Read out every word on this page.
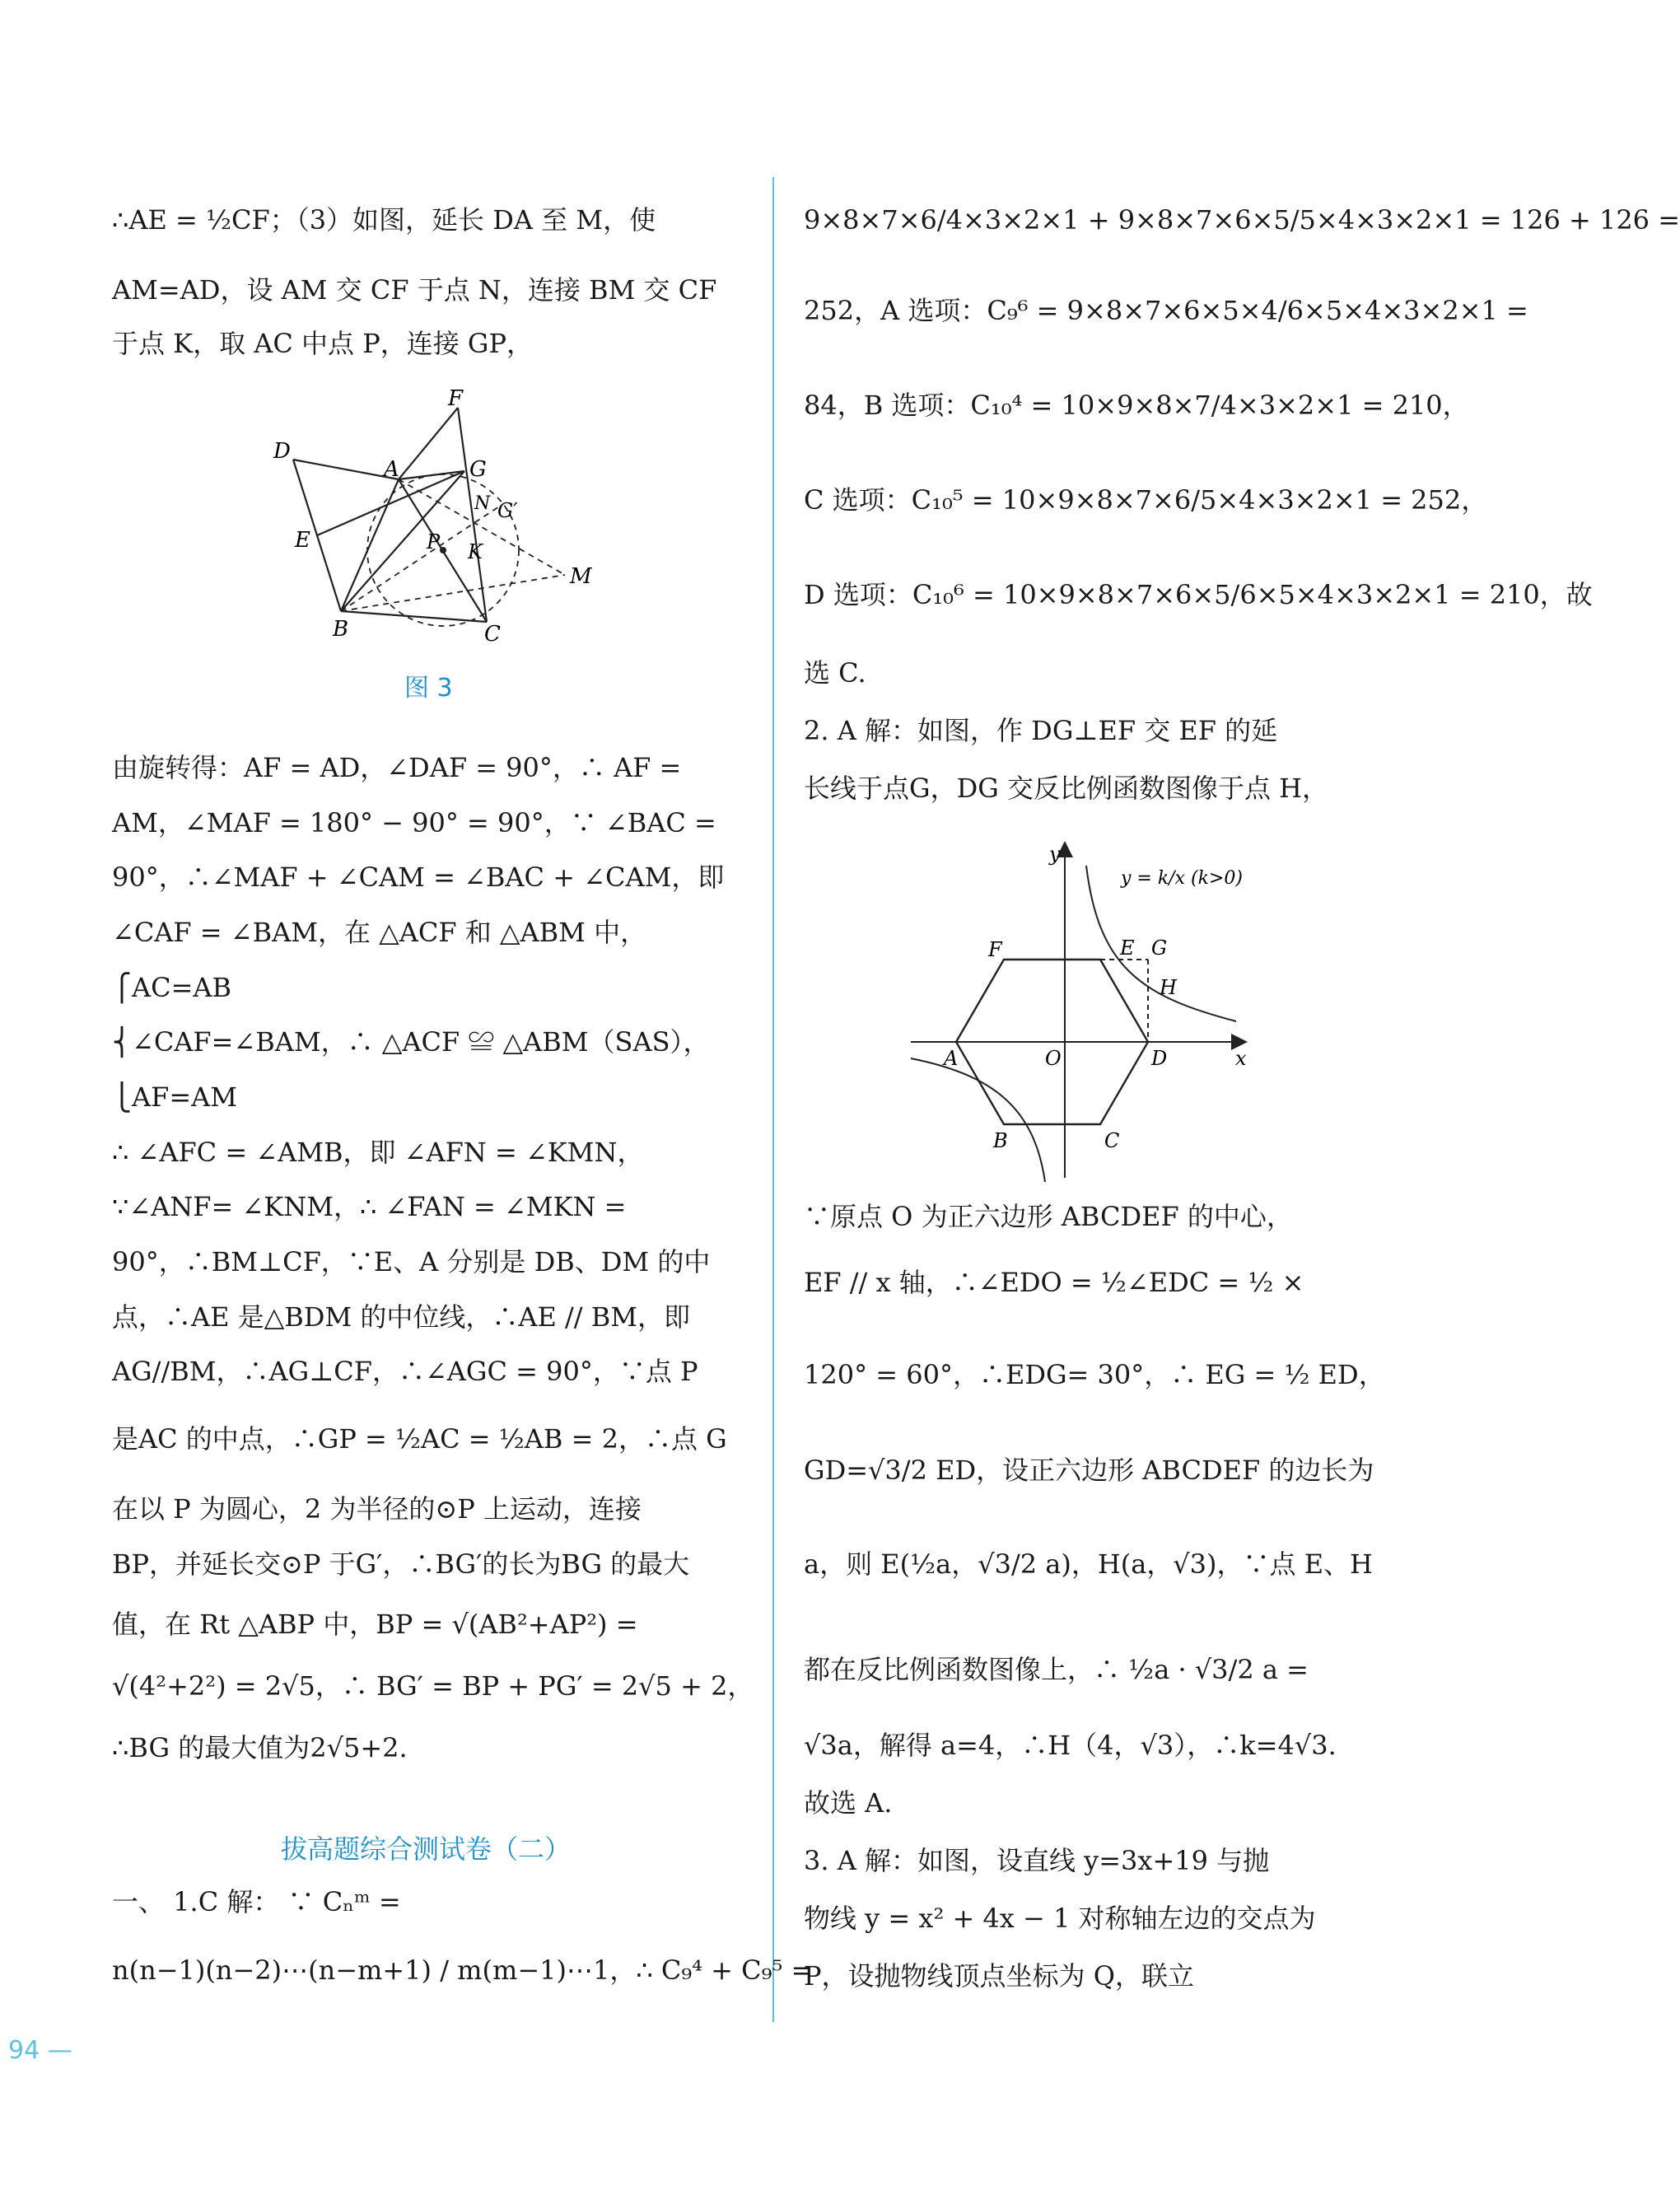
∴AE = ½CF；（3）如图，延长 DA 至 M，使
AM=AD，设 AM 交 CF 于点 N，连接 BM 交 CF
于点 K，取 AC 中点 P，连接 GP，
F
D
A	G
N G′
E	P K
M
B	C
图 3
由旋转得：AF = AD，∠DAF = 90°，∴ AF =
AM，∠MAF = 180° − 90° = 90°，∵ ∠BAC =
90°，∴∠MAF + ∠CAM = ∠BAC + ∠CAM，即
∠CAF = ∠BAM，在 △ACF 和 △ABM 中，
⎧AC=AB
⎨∠CAF=∠BAM，∴ △ACF ≌ △ABM（SAS），
⎩AF=AM
∴ ∠AFC = ∠AMB，即 ∠AFN = ∠KMN，
∵∠ANF= ∠KNM，∴ ∠FAN = ∠MKN =
90°，∴BM⊥CF，∵E、A 分别是 DB、DM 的中
点，∴AE 是△BDM 的中位线，∴AE // BM，即
AG//BM，∴AG⊥CF，∴∠AGC = 90°，∵点 P
是AC 的中点，∴GP = ½AC = ½AB = 2，∴点 G
在以 P 为圆心，2 为半径的⊙P 上运动，连接
BP，并延长交⊙P 于G′，∴BG′的长为BG 的最大
值，在 Rt △ABP 中，BP = √(AB²+AP²) =
√(4²+2²) = 2√5，∴ BG′ = BP + PG′ = 2√5 + 2，
∴BG 的最大值为2√5+2.
拔高题综合测试卷（二）
一、 1.C 解： ∵ Cₙᵐ =
n(n−1)(n−2)⋯(n−m+1) / m(m−1)⋯1，∴ C₉⁴ + C₉⁵ =
9×8×7×6/4×3×2×1 + 9×8×7×6×5/5×4×3×2×1 = 126 + 126 =
252，A 选项：C₉⁶ = 9×8×7×6×5×4/6×5×4×3×2×1 =
84，B 选项：C₁₀⁴ = 10×9×8×7/4×3×2×1 = 210，
C 选项：C₁₀⁵ = 10×9×8×7×6/5×4×3×2×1 = 252，
D 选项：C₁₀⁶ = 10×9×8×7×6×5/6×5×4×3×2×1 = 210，故
选 C.
2. A 解：如图，作 DG⊥EF 交 EF 的延
长线于点G，DG 交反比例函数图像于点 H，
y
x
y = k/x (k>0)
F	E G
H
A	O	D
B	C
∵原点 O 为正六边形 ABCDEF 的中心，
EF // x 轴，∴∠EDO = ½∠EDC = ½ ×
120° = 60°，∴EDG= 30°，∴ EG = ½ ED，
GD=√3/2 ED，设正六边形 ABCDEF 的边长为
a，则 E(½a，√3/2 a)，H(a，√3)，∵点 E、H
都在反比例函数图像上，∴ ½a · √3/2 a =
√3a，解得 a=4，∴H（4，√3），∴k=4√3.
故选 A.
3. A 解：如图，设直线 y=3x+19 与抛
物线 y = x² + 4x − 1 对称轴左边的交点为
P，设抛物线顶点坐标为 Q，联立
94 —
